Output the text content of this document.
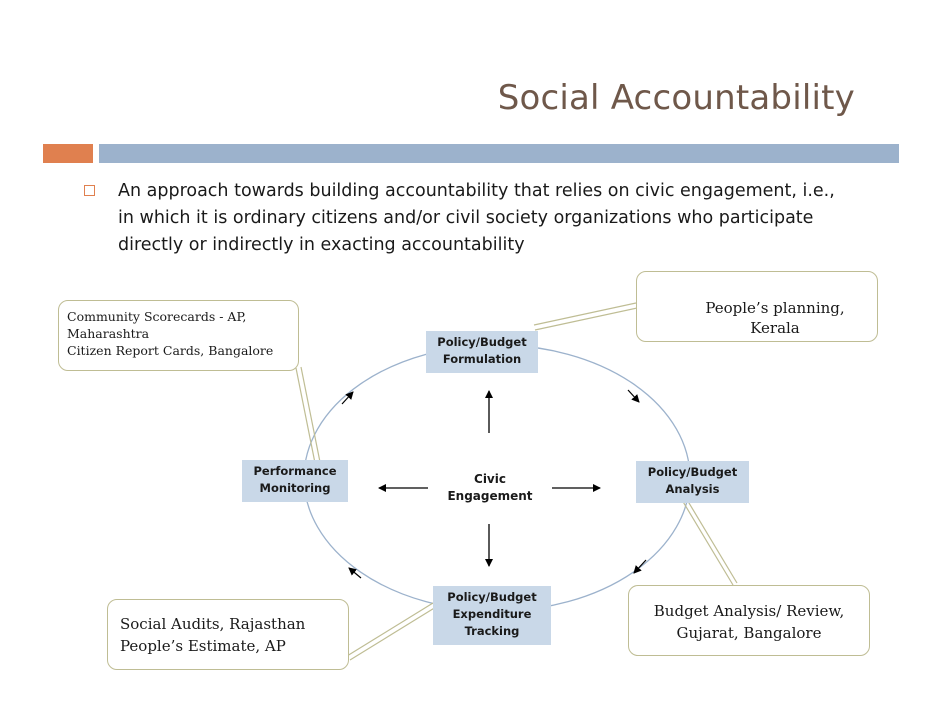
Social Accountability
An approach towards building accountability that relies on civic engagement, i.e., in which it is ordinary citizens and/or civil society organizations who participate directly or indirectly in exacting accountability
Policy/Budget
Formulation
Policy/Budget
Analysis
Policy/Budget
Expenditure
Tracking
Performance
Monitoring
Civic
Engagement
Community Scorecards - AP,
Maharashtra
Citizen Report Cards, Bangalore
People’s planning, Kerala
Budget Analysis/ Review,
Gujarat, Bangalore
Social Audits, Rajasthan
People’s Estimate, AP
